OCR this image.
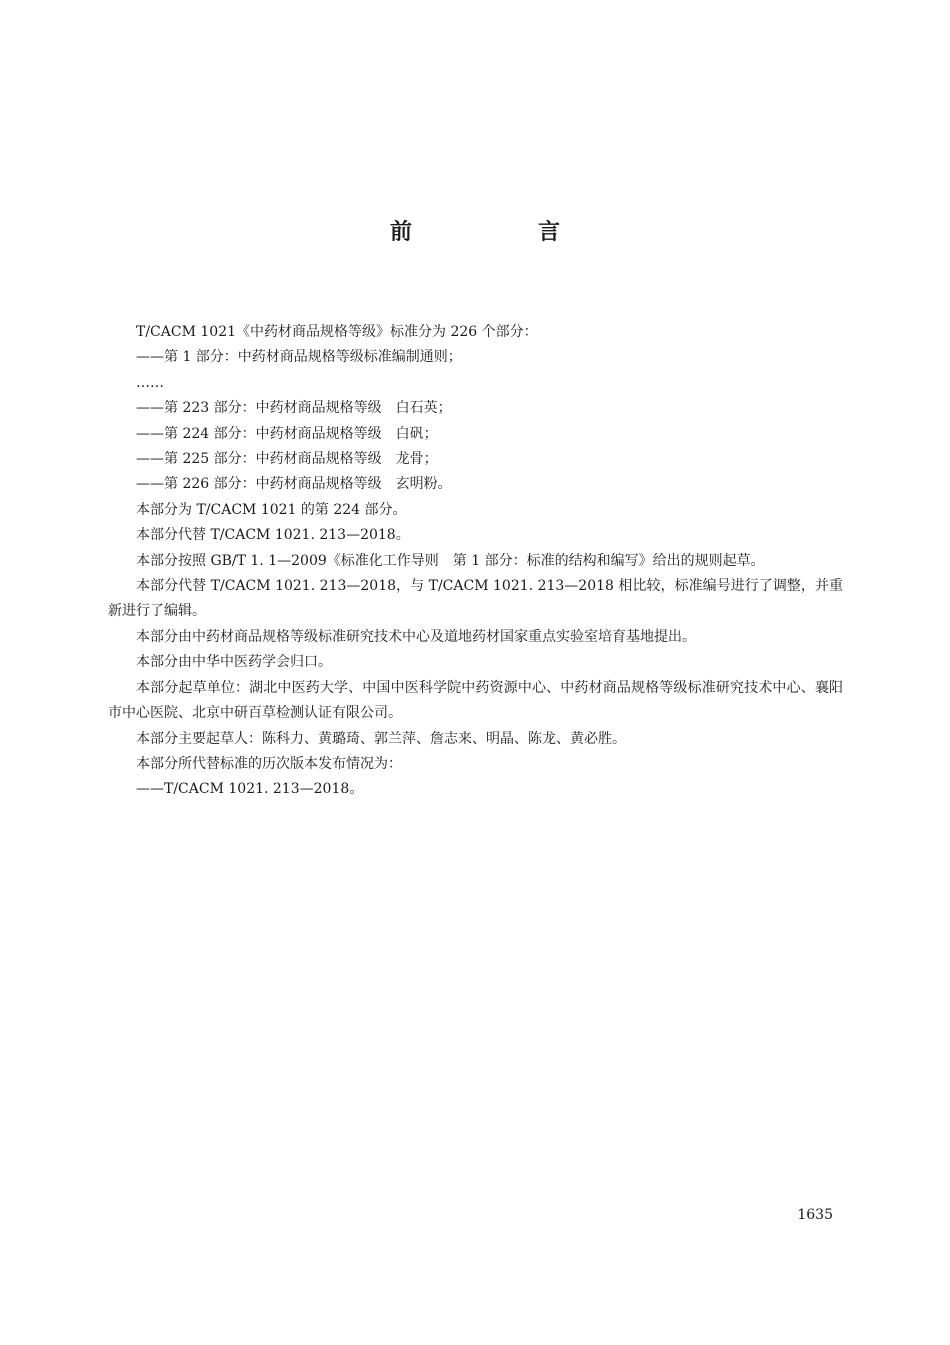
前　言

T/CACM 1021《中药材商品规格等级》标准分为 226 个部分：

——第 1 部分：中药材商品规格等级标准编制通则；

……

——第 223 部分：中药材商品规格等级　白石英；

——第 224 部分：中药材商品规格等级　白矾；

——第 225 部分：中药材商品规格等级　龙骨；

——第 226 部分：中药材商品规格等级　玄明粉。

本部分为 T/CACM 1021 的第 224 部分。

本部分代替 T/CACM 1021. 213—2018。

本部分按照 GB/T 1. 1—2009《标准化工作导则　第 1 部分：标准的结构和编写》给出的规则起草。

本部分代替 T/CACM 1021. 213—2018，与 T/CACM 1021. 213—2018 相比较，标准编号进行了调整，并重新进行了编辑。

本部分由中药材商品规格等级标准研究技术中心及道地药材国家重点实验室培育基地提出。

本部分由中华中医药学会归口。

本部分起草单位：湖北中医药大学、中国中医科学院中药资源中心、中药材商品规格等级标准研究技术中心、襄阳市中心医院、北京中研百草检测认证有限公司。

本部分主要起草人：陈科力、黄璐琦、郭兰萍、詹志来、明晶、陈龙、黄必胜。

本部分所代替标准的历次版本发布情况为：

——T/CACM 1021. 213—2018。

1635
